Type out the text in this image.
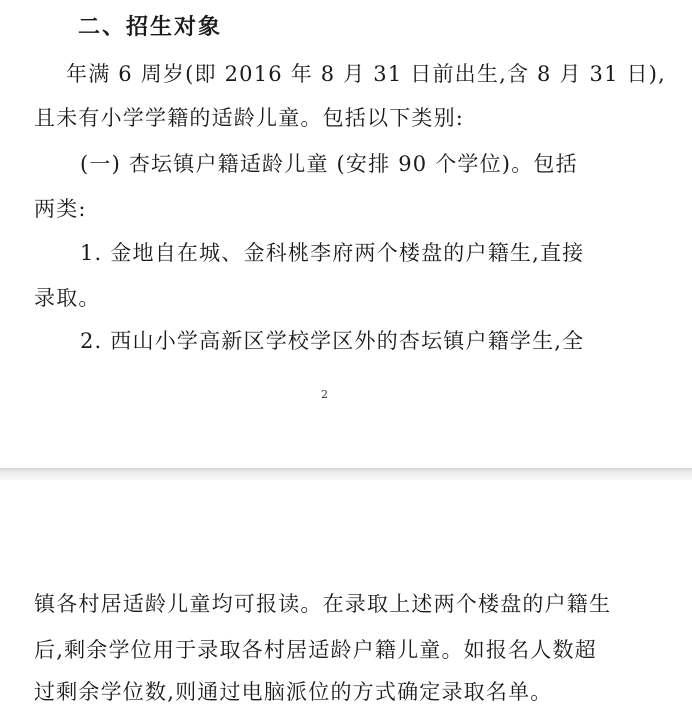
二、招生对象
年满 6 周岁(即 2016 年 8 月 31 日前出生,含 8 月 31 日),
且未有小学学籍的适龄儿童。包括以下类别:
(一) 杏坛镇户籍适龄儿童 (安排 90 个学位)。包括
两类:
1. 金地自在城、金科桃李府两个楼盘的户籍生,直接
录取。
2. 西山小学高新区学校学区外的杏坛镇户籍学生,全
2
镇各村居适龄儿童均可报读。在录取上述两个楼盘的户籍生
后,剩余学位用于录取各村居适龄户籍儿童。如报名人数超
过剩余学位数,则通过电脑派位的方式确定录取名单。
